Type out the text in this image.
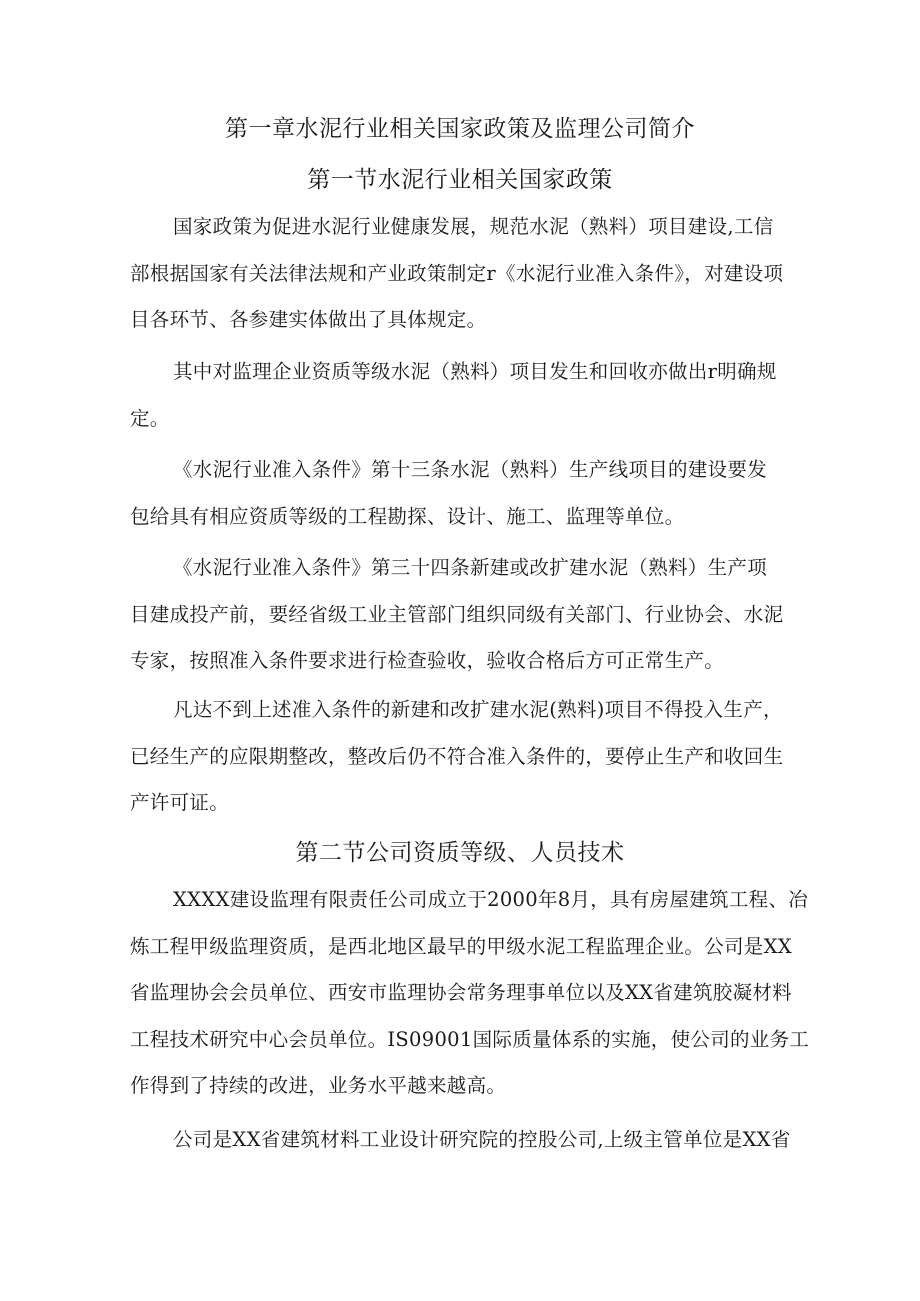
第一章水泥行业相关国家政策及监理公司简介
第一节水泥行业相关国家政策
国家政策为促进水泥行业健康发展，规范水泥（熟料）项目建设,工信
部根据国家有关法律法规和产业政策制定r《水泥行业准入条件》，对建设项
目各环节、各参建实体做出了具体规定。
其中对监理企业资质等级水泥（熟料）项目发生和回收亦做出r明确规
定。
《水泥行业准入条件》第十三条水泥（熟料）生产线项目的建设要发
包给具有相应资质等级的工程勘探、设计、施工、监理等单位。
《水泥行业准入条件》第三十四条新建或改扩建水泥（熟料）生产项
目建成投产前，要经省级工业主管部门组织同级有关部门、行业协会、水泥
专家，按照准入条件要求进行检查验收，验收合格后方可正常生产。
凡达不到上述准入条件的新建和改扩建水泥(熟料)项目不得投入生产，
已经生产的应限期整改，整改后仍不符合准入条件的，要停止生产和收回生
产许可证。
第二节公司资质等级、人员技术
XXXX建设监理有限责任公司成立于2000年8月，具有房屋建筑工程、冶
炼工程甲级监理资质，是西北地区最早的甲级水泥工程监理企业。公司是XX
省监理协会会员单位、西安市监理协会常务理事单位以及XX省建筑胶凝材料
工程技术研究中心会员单位。IS09001国际质量体系的实施，使公司的业务工
作得到了持续的改进，业务水平越来越高。
公司是XX省建筑材料工业设计研究院的控股公司,上级主管单位是XX省
